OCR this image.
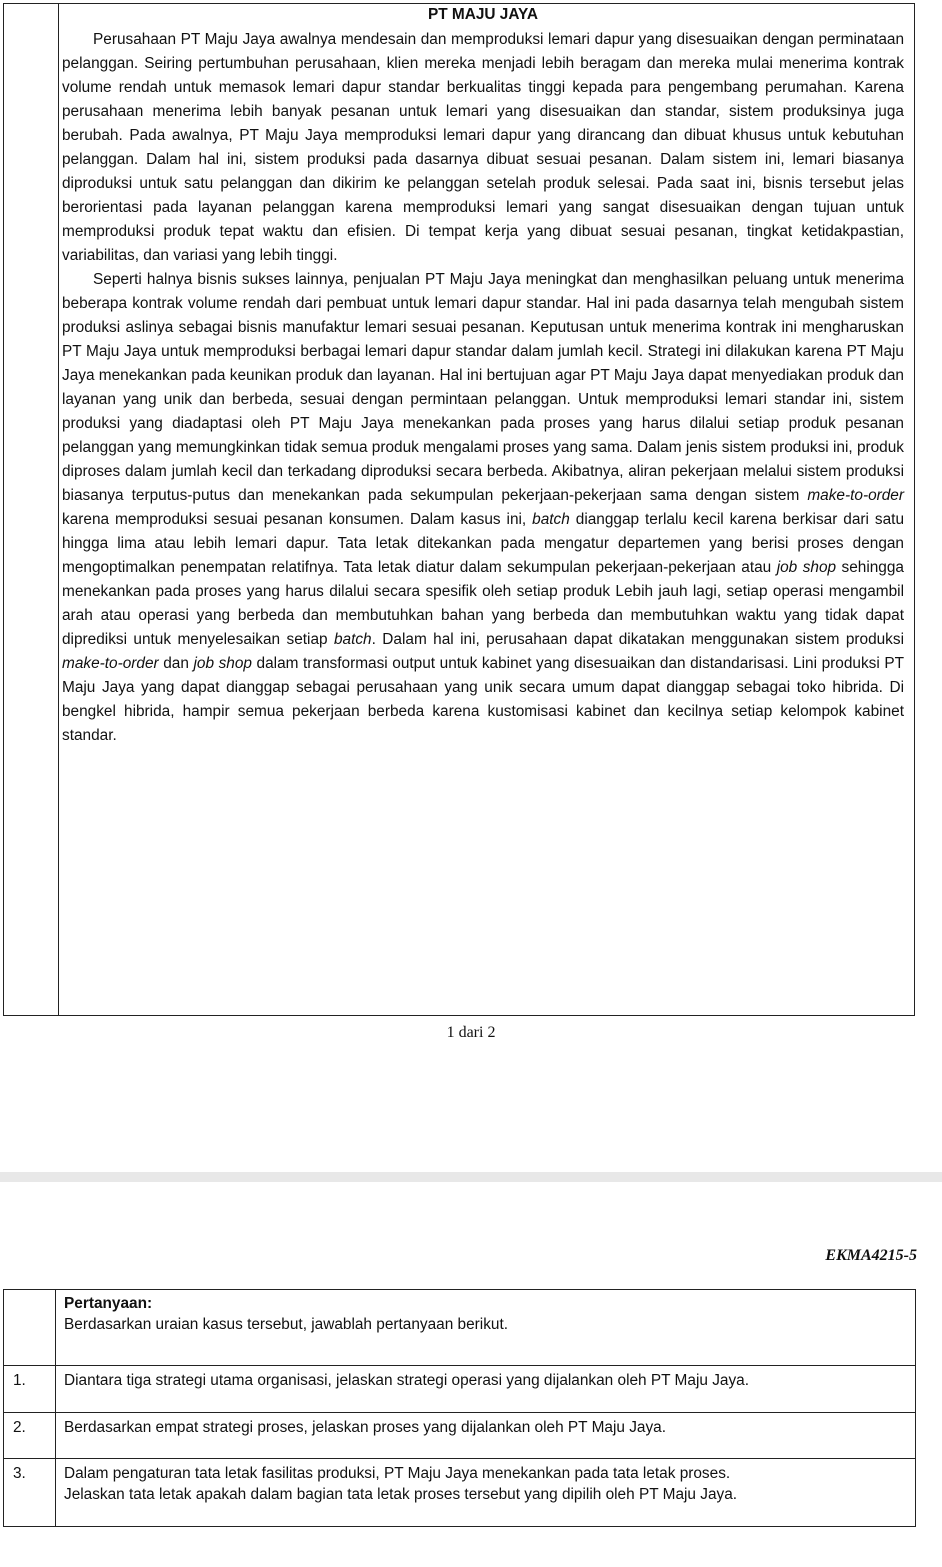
PT MAJU JAYA

Perusahaan PT Maju Jaya awalnya mendesain dan memproduksi lemari dapur yang disesuaikan dengan perminataan pelanggan. Seiring pertumbuhan perusahaan, klien mereka menjadi lebih beragam dan mereka mulai menerima kontrak volume rendah untuk memasok lemari dapur standar berkualitas tinggi kepada para pengembang perumahan. Karena perusahaan menerima lebih banyak pesanan untuk lemari yang disesuaikan dan standar, sistem produksinya juga berubah. Pada awalnya, PT Maju Jaya memproduksi lemari dapur yang dirancang dan dibuat khusus untuk kebutuhan pelanggan. Dalam hal ini, sistem produksi pada dasarnya dibuat sesuai pesanan. Dalam sistem ini, lemari biasanya diproduksi untuk satu pelanggan dan dikirim ke pelanggan setelah produk selesai. Pada saat ini, bisnis tersebut jelas berorientasi pada layanan pelanggan karena memproduksi lemari yang sangat disesuaikan dengan tujuan untuk memproduksi produk tepat waktu dan efisien. Di tempat kerja yang dibuat sesuai pesanan, tingkat ketidakpastian, variabilitas, dan variasi yang lebih tinggi.

Seperti halnya bisnis sukses lainnya, penjualan PT Maju Jaya meningkat dan menghasilkan peluang untuk menerima beberapa kontrak volume rendah dari pembuat untuk lemari dapur standar. Hal ini pada dasarnya telah mengubah sistem produksi aslinya sebagai bisnis manufaktur lemari sesuai pesanan. Keputusan untuk menerima kontrak ini mengharuskan PT Maju Jaya untuk memproduksi berbagai lemari dapur standar dalam jumlah kecil. Strategi ini dilakukan karena PT Maju Jaya menekankan pada keunikan produk dan layanan. Hal ini bertujuan agar PT Maju Jaya dapat menyediakan produk dan layanan yang unik dan berbeda, sesuai dengan permintaan pelanggan. Untuk memproduksi lemari standar ini, sistem produksi yang diadaptasi oleh PT Maju Jaya menekankan pada proses yang harus dilalui setiap produk pesanan pelanggan yang memungkinkan tidak semua produk mengalami proses yang sama. Dalam jenis sistem produksi ini, produk diproses dalam jumlah kecil dan terkadang diproduksi secara berbeda. Akibatnya, aliran pekerjaan melalui sistem produksi biasanya terputus-putus dan menekankan pada sekumpulan pekerjaan-pekerjaan sama dengan sistem make-to-order karena memproduksi sesuai pesanan konsumen. Dalam kasus ini, batch dianggap terlalu kecil karena berkisar dari satu hingga lima atau lebih lemari dapur. Tata letak ditekankan pada mengatur departemen yang berisi proses dengan mengoptimalkan penempatan relatifnya. Tata letak diatur dalam sekumpulan pekerjaan-pekerjaan atau job shop sehingga menekankan pada proses yang harus dilalui secara spesifik oleh setiap produk Lebih jauh lagi, setiap operasi mengambil arah atau operasi yang berbeda dan membutuhkan bahan yang berbeda dan membutuhkan waktu yang tidak dapat diprediksi untuk menyelesaikan setiap batch. Dalam hal ini, perusahaan dapat dikatakan menggunakan sistem produksi make-to-order dan job shop dalam transformasi output untuk kabinet yang disesuaikan dan distandarisasi. Lini produksi PT Maju Jaya yang dapat dianggap sebagai perusahaan yang unik secara umum dapat dianggap sebagai toko hibrida. Di bengkel hibrida, hampir semua pekerjaan berbeda karena kustomisasi kabinet dan kecilnya setiap kelompok kabinet standar.

1 dari 2
EKMA4215-5

	Pertanyaan:
Berdasarkan uraian kasus tersebut, jawablah pertanyaan berikut.

1.	Diantara tiga strategi utama organisasi, jelaskan strategi operasi yang dijalankan oleh PT Maju Jaya.
2.	Berdasarkan empat strategi proses, jelaskan proses yang dijalankan oleh PT Maju Jaya.
3.	Dalam pengaturan tata letak fasilitas produksi, PT Maju Jaya menekankan pada tata letak proses.
Jelaskan tata letak apakah dalam bagian tata letak proses tersebut yang dipilih oleh PT Maju Jaya.
